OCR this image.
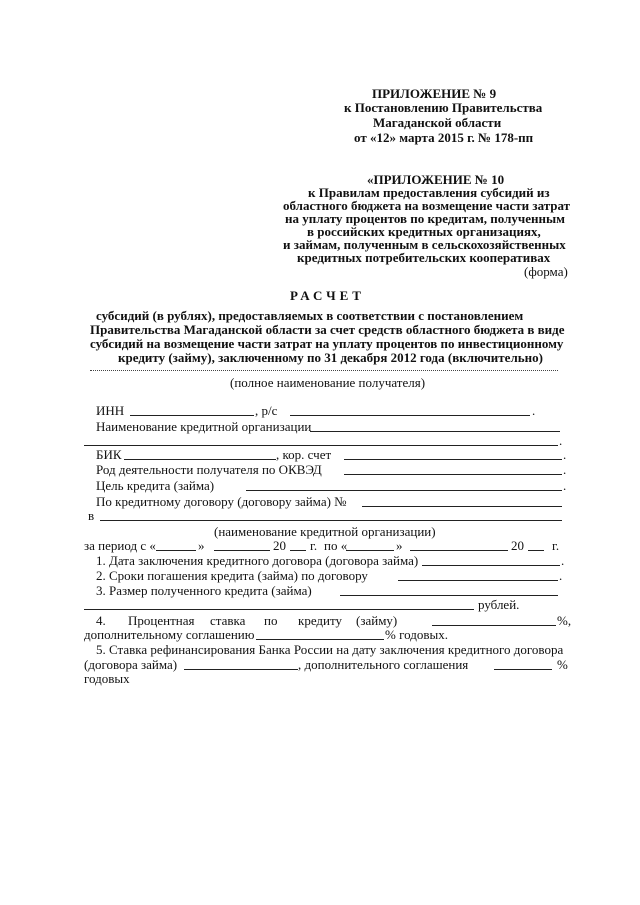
ПРИЛОЖЕНИЕ № 9
к Постановлению Правительства
Магаданской области
от «12» марта 2015 г. № 178-пп
«ПРИЛОЖЕНИЕ № 10
к Правилам предоставления субсидий из
областного бюджета на возмещение части затрат
на уплату процентов по кредитам, полученным
в российских кредитных организациях,
и займам, полученным в сельскохозяйственных
кредитных потребительских кооперативах
(форма)
РАСЧЕТ
субсидий (в рублях), предоставляемых в соответствии с постановлением
Правительства Магаданской области за счет средств областного бюджета в виде
субсидий на возмещение части затрат на уплату процентов по инвестиционному
кредиту (займу), заключенному по 31 декабря 2012 года (включительно)
(полное наименование получателя)
ИНН	, р/с	.
Наименование кредитной организации
.
БИК	, кор. счет	.
Род деятельности получателя по ОКВЭД	.
Цель кредита (займа)	.
По кредитному договору (договору займа) №
в
(наименование кредитной организации)
за период с «	»	20 г. по «	»	20 г.
1. Дата заключения кредитного договора (договора займа)	.
2. Сроки погашения кредита (займа) по договору	.
3. Размер полученного кредита (займа)
рублей.
4. Процентная ставка по кредиту (займу)	%,
дополнительному соглашению	% годовых.
5. Ставка рефинансирования Банка России на дату заключения кредитного договора
(договора займа)	, дополнительного соглашения	%
годовых
